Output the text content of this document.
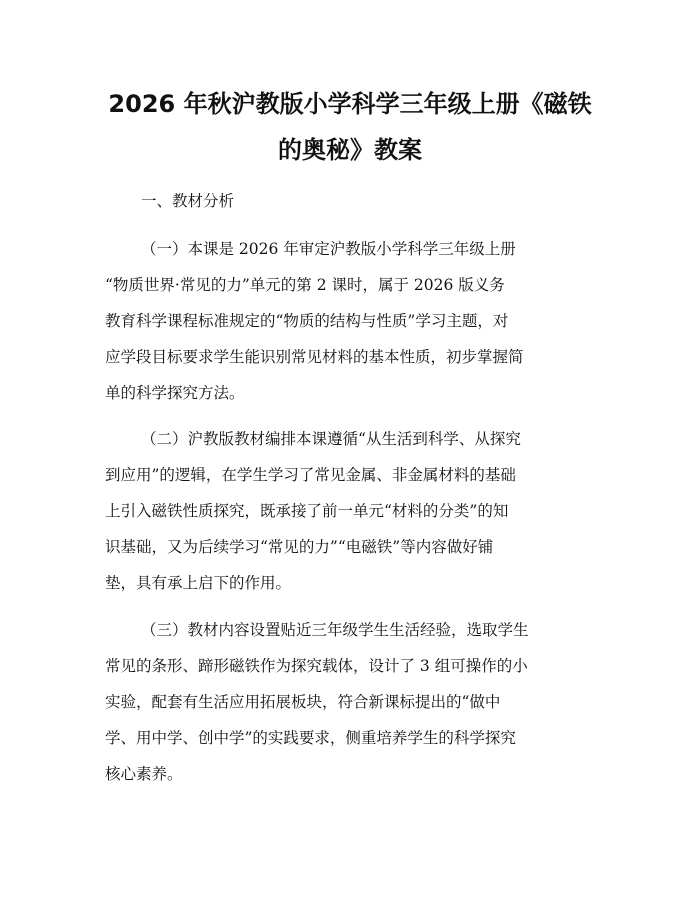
2026 年秋沪教版小学科学三年级上册《磁铁
的奥秘》教案
一、教材分析
（一）本课是 2026 年审定沪教版小学科学三年级上册
“物质世界·常见的力”单元的第 2 课时，属于 2026 版义务
教育科学课程标准规定的“物质的结构与性质”学习主题，对
应学段目标要求学生能识别常见材料的基本性质，初步掌握简
单的科学探究方法。
（二）沪教版教材编排本课遵循“从生活到科学、从探究
到应用”的逻辑，在学生学习了常见金属、非金属材料的基础
上引入磁铁性质探究，既承接了前一单元“材料的分类”的知
识基础，又为后续学习“常见的力”“电磁铁”等内容做好铺
垫，具有承上启下的作用。
（三）教材内容设置贴近三年级学生生活经验，选取学生
常见的条形、蹄形磁铁作为探究载体，设计了 3 组可操作的小
实验，配套有生活应用拓展板块，符合新课标提出的“做中
学、用中学、创中学”的实践要求，侧重培养学生的科学探究
核心素养。
